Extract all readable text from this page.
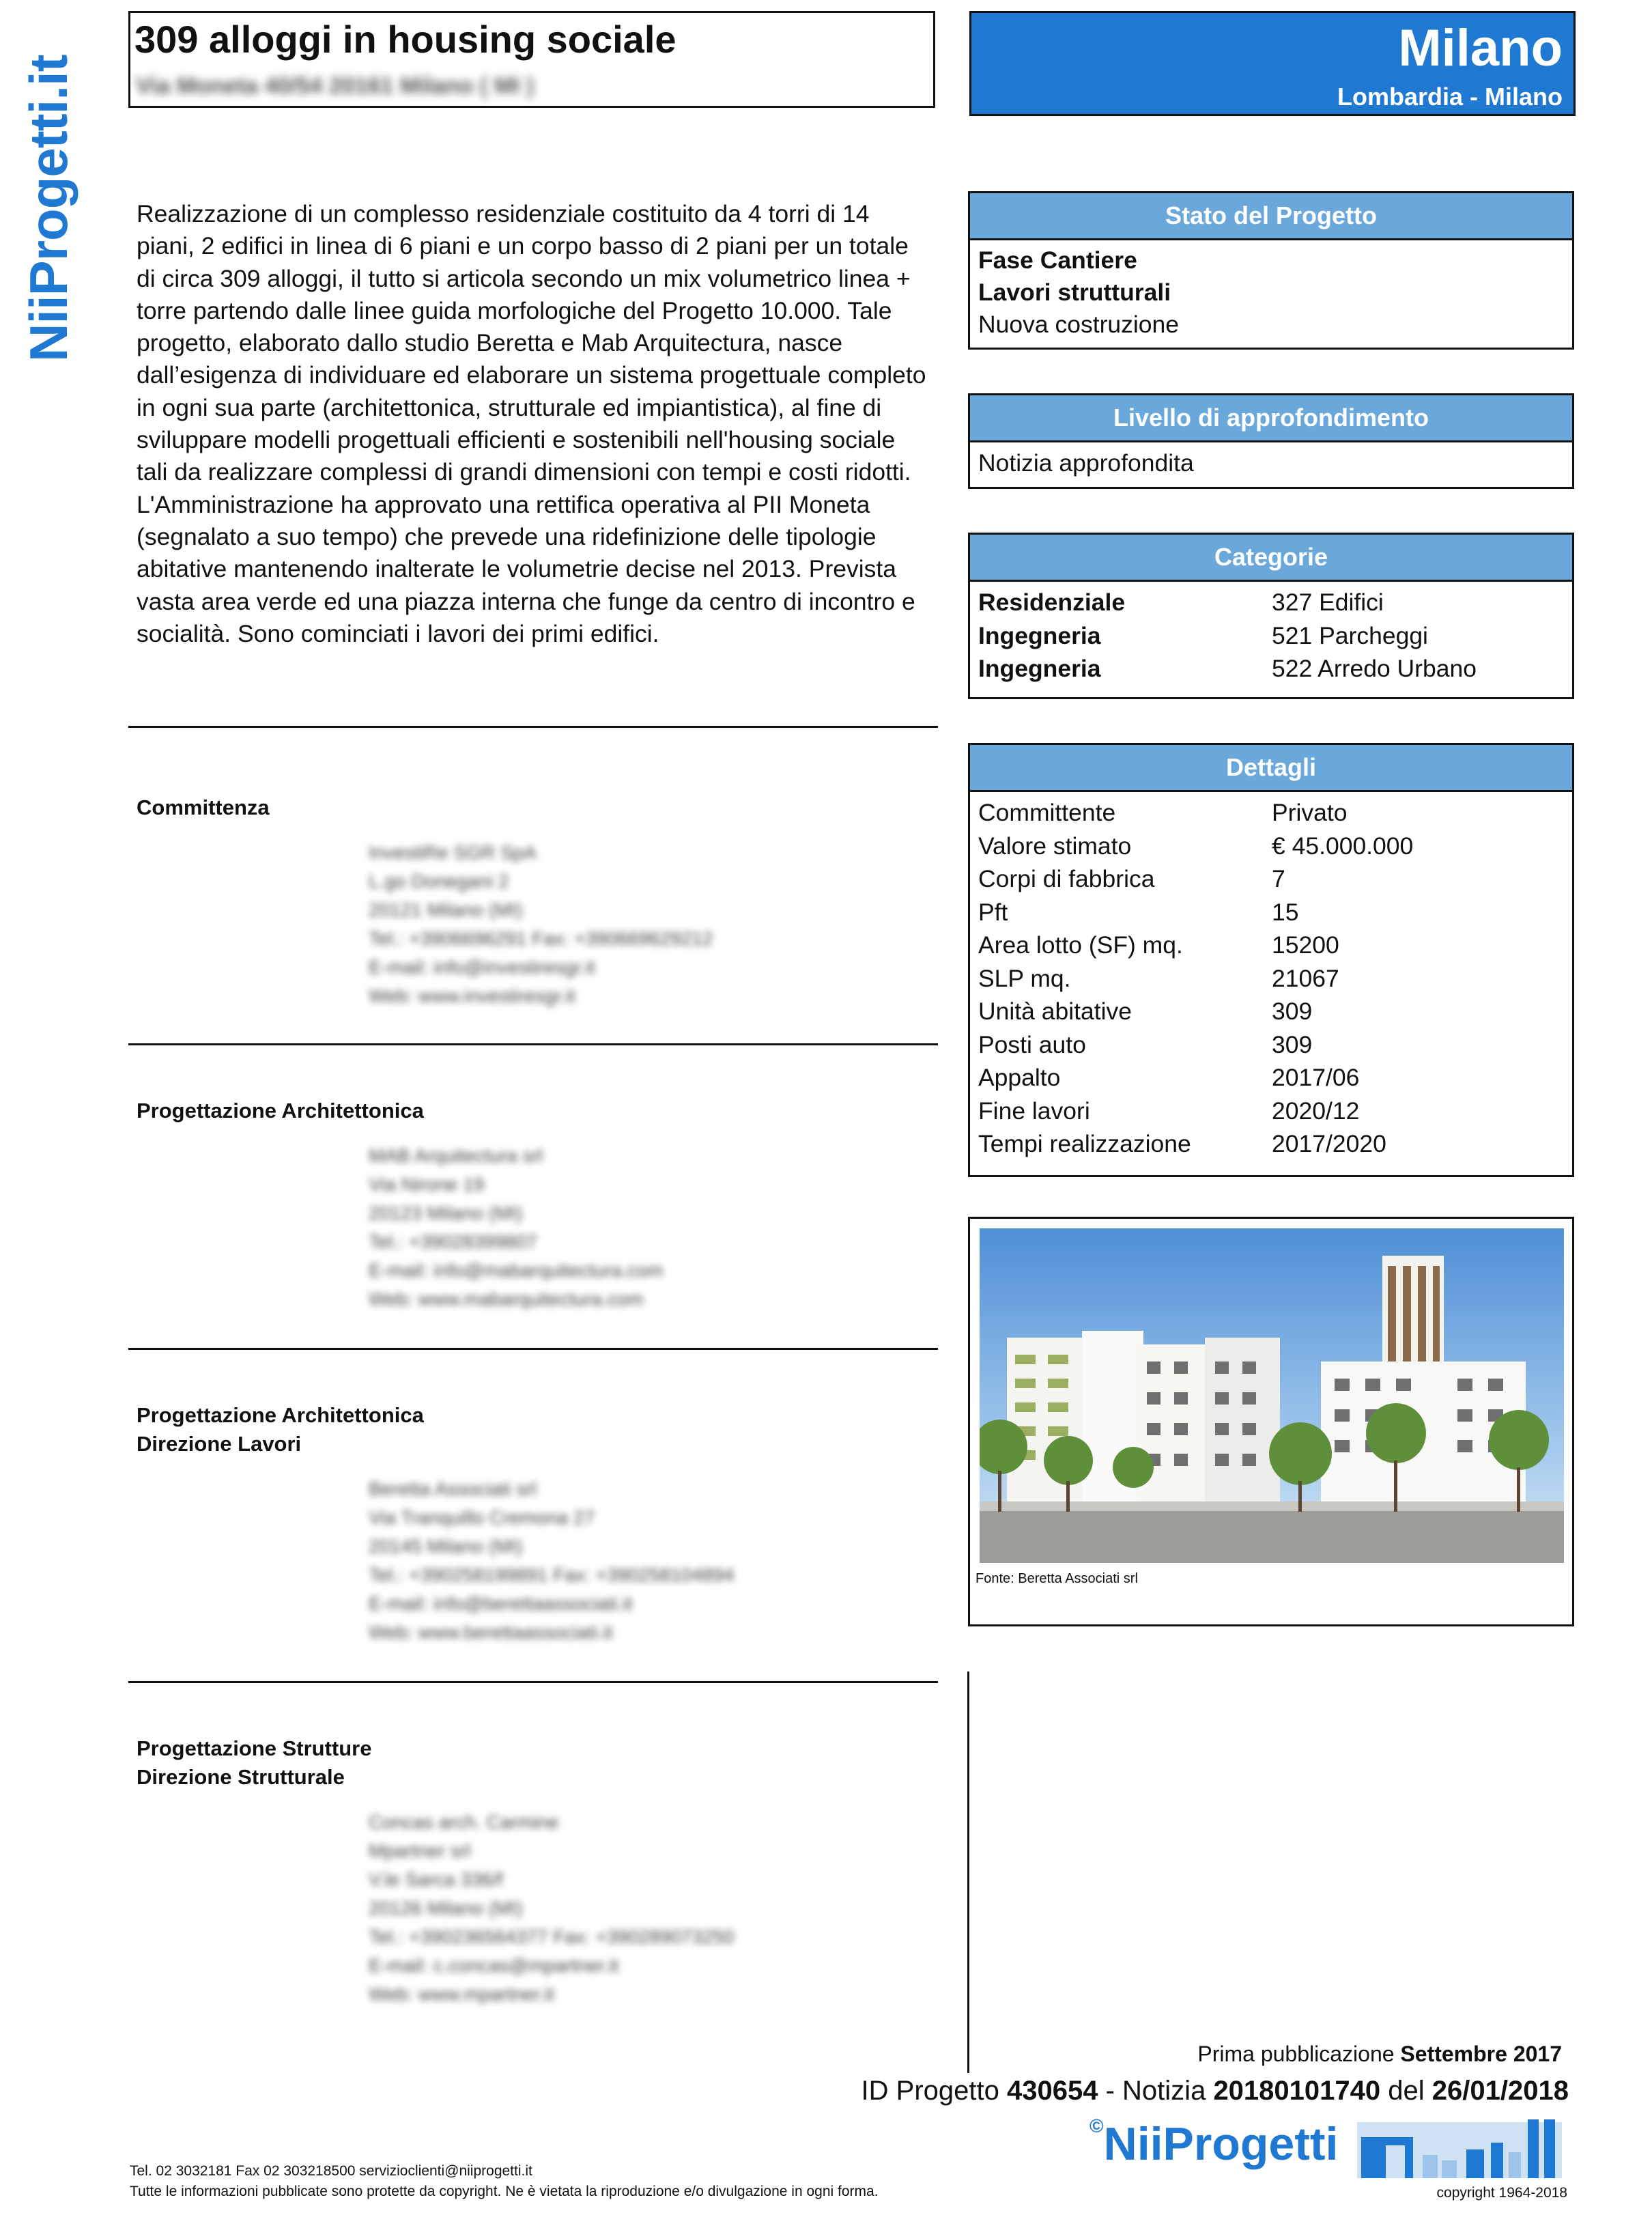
NiiProgetti.it
309 alloggi in housing sociale
Via Moneta 40/54 20161 Milano ( MI )
Milano
Lombardia - Milano
Realizzazione di un complesso residenziale costituito da 4 torri di 14 piani, 2 edifici in linea di 6 piani e un corpo basso di 2 piani per un totale di circa 309 alloggi, il tutto si articola secondo un mix volumetrico linea + torre partendo dalle linee guida morfologiche del Progetto 10.000. Tale progetto, elaborato dallo studio Beretta e Mab Arquitectura, nasce dall’esigenza di individuare ed elaborare un sistema progettuale completo in ogni sua parte (architettonica, strutturale ed impiantistica), al fine di sviluppare modelli progettuali efficienti e sostenibili nell'housing sociale tali da realizzare complessi di grandi dimensioni con tempi e costi ridotti. L'Amministrazione ha approvato una rettifica operativa al PII Moneta (segnalato a suo tempo) che prevede una ridefinizione delle tipologie abitative mantenendo inalterate le volumetrie decise nel 2013. Prevista vasta area verde ed una piazza interna che funge da centro di incontro e socialità. Sono cominciati i lavori dei primi edifici.
Stato del Progetto
Fase Cantiere
Lavori strutturali
Nuova costruzione
Livello di approfondimento
Notizia approfondita
Categorie
Residenziale	327 Edifici
Ingegneria	521 Parcheggi
Ingegneria	522 Arredo Urbano
Dettagli
Committente	Privato
Valore stimato	€ 45.000.000
Corpi di fabbrica	7
Pft	15
Area lotto (SF) mq.	15200
SLP mq.	21067
Unità abitative	309
Posti auto	309
Appalto	2017/06
Fine lavori	2020/12
Tempi realizzazione	2017/2020
Fonte: Beretta Associati srl
Committenza
InvestiRe SGR SpA
L.go Donegani 2
20121 Milano (MI)
Tel.: +3906696291 Fax: +390669629212
E-mail: info@investiresgr.it
Web: www.investiresgr.it
Progettazione Architettonica
MAB Arquitectura srl
Via Nirone 19
20123 Milano (MI)
Tel.: +39028399807
E-mail: info@mabarquitectura.com
Web: www.mabarquitectura.com
Progettazione Architettonica
Direzione Lavori
Beretta Associati srl
Via Tranquillo Cremona 27
20145 Milano (MI)
Tel.: +390258199891 Fax: +390258104894
E-mail: info@berettaassociati.it
Web: www.berettaassociati.it
Progettazione Strutture
Direzione Strutturale
Concas arch. Carmine
Mpartner srl
V.le Sarca 336/f
20126 Milano (MI)
Tel.: +390236564377 Fax: +390289073250
E-mail: c.concas@mpartner.it
Web: www.mpartner.it
Prima pubblicazione Settembre 2017
ID Progetto 430654 - Notizia 20180101740 del 26/01/2018
©NiiProgetti
Tel. 02 3032181 Fax 02 303218500 servizioclienti@niiprogetti.it
Tutte le informazioni pubblicate sono protette da copyright. Ne è vietata la riproduzione e/o divulgazione in ogni forma.	copyright 1964-2018
